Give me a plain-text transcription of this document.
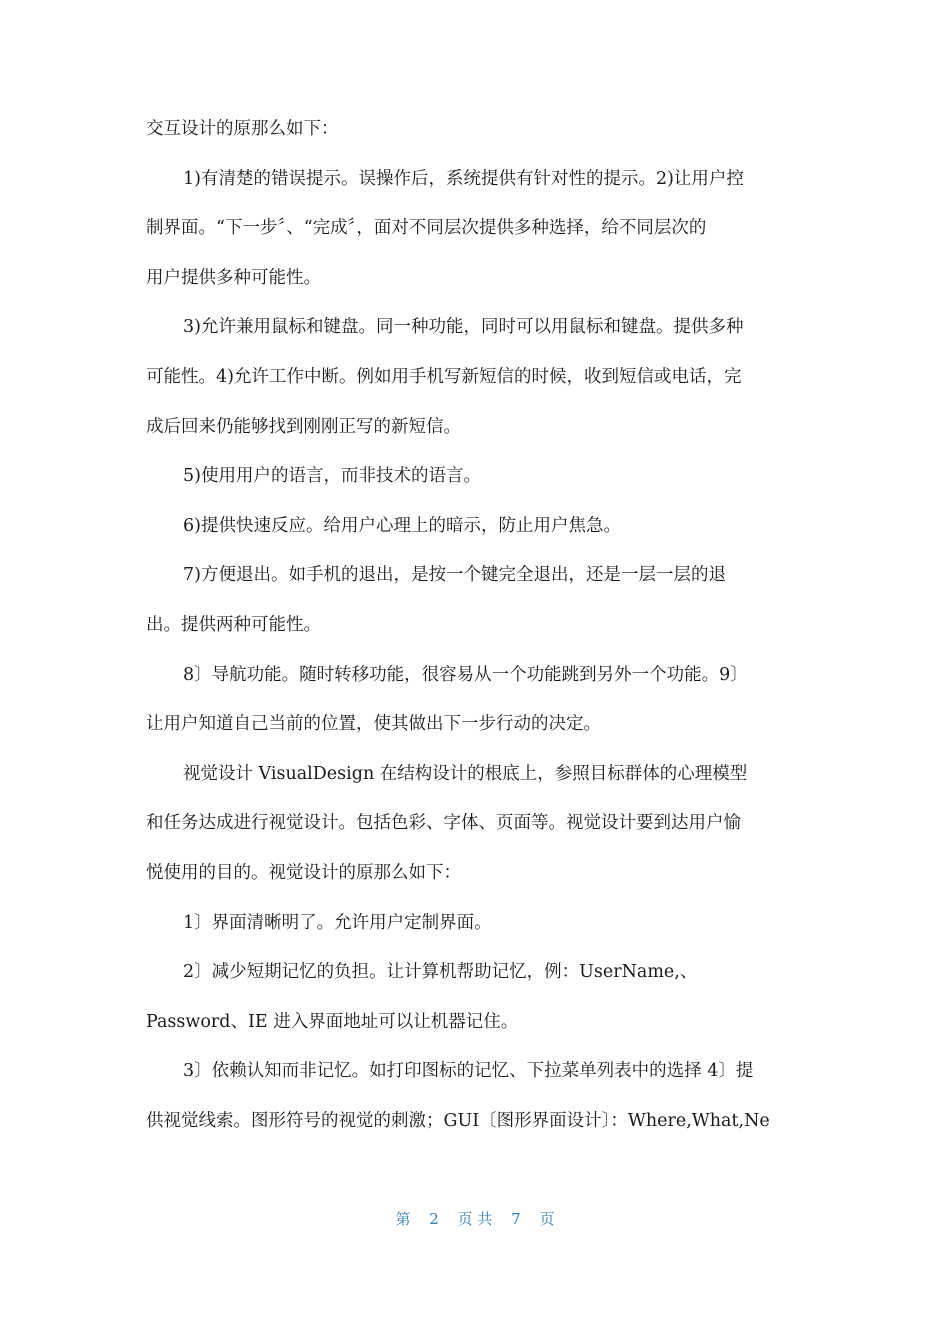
交互设计的原那么如下：
1)有清楚的错误提示。误操作后，系统提供有针对性的提示。2)让用户控
制界面。“下一步〞、“完成〞，面对不同层次提供多种选择，给不同层次的
用户提供多种可能性。
3)允许兼用鼠标和键盘。同一种功能，同时可以用鼠标和键盘。提供多种
可能性。4)允许工作中断。例如用手机写新短信的时候，收到短信或电话，完
成后回来仍能够找到刚刚正写的新短信。
5)使用用户的语言，而非技术的语言。
6)提供快速反应。给用户心理上的暗示，防止用户焦急。
7)方便退出。如手机的退出，是按一个键完全退出，还是一层一层的退
出。提供两种可能性。
8〕导航功能。随时转移功能，很容易从一个功能跳到另外一个功能。9〕
让用户知道自己当前的位置，使其做出下一步行动的决定。
视觉设计 VisualDesign 在结构设计的根底上，参照目标群体的心理模型
和任务达成进行视觉设计。包括色彩、字体、页面等。视觉设计要到达用户愉
悦使用的目的。视觉设计的原那么如下：
1〕界面清晰明了。允许用户定制界面。
2〕减少短期记忆的负担。让计算机帮助记忆，例：UserName,、
Password、IE 进入界面地址可以让机器记住。
3〕依赖认知而非记忆。如打印图标的记忆、下拉菜单列表中的选择 4〕提
供视觉线索。图形符号的视觉的刺激；GUI〔图形界面设计〕：Where,What,Ne
第 2 页 共 7 页
